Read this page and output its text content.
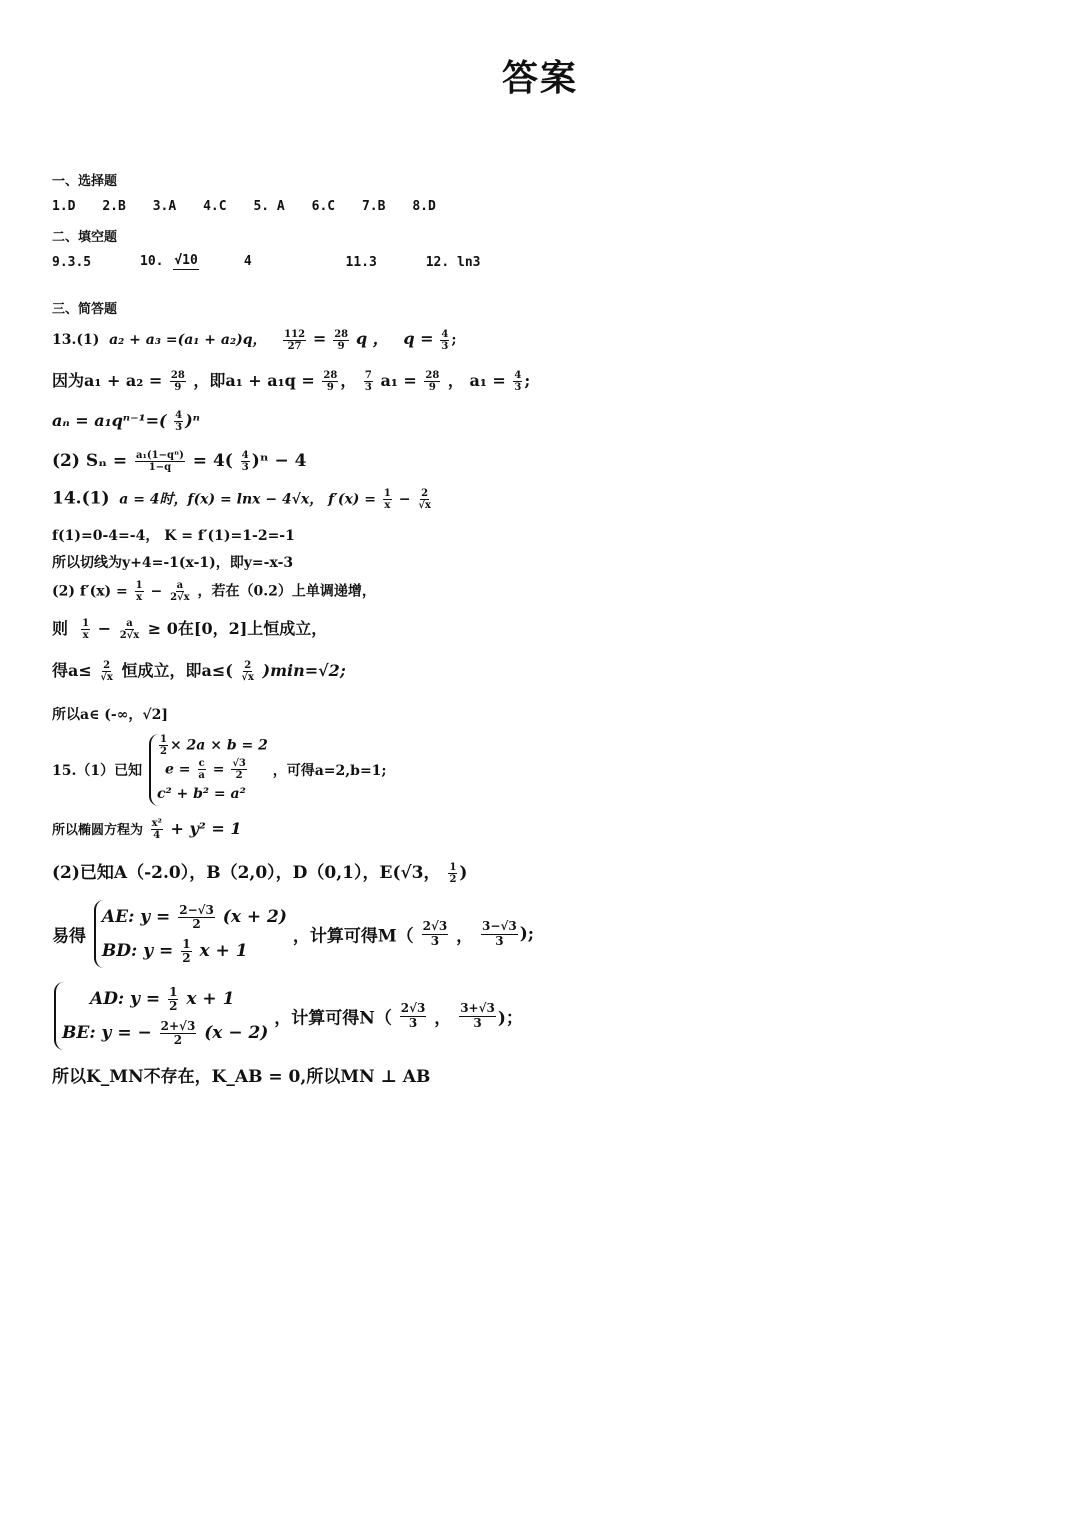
答案
一、选择题
1.D 2.B 3.A 4.C 5. A 6.C 7.B 8.D
二、填空题
9.3.5	10. √10	4	11.3	12. ln3
三、简答题
13.(1) a₂ + a₃ =(a₁ + a₂)q， $\frac{112}{27} = \frac{28}{9}$ q ， $q = \frac{4}{3}$ ;
因为$a_1 + a_2 = \frac{28}{9}$ ，即$a_1 + a_1q = \frac{28}{9}$ ， $\frac{7}{3} a_1 = \frac{28}{9}$ ， $a_1 = \frac{4}{3}$ ;
$a_n = a_1q^{n-1}=( \frac{4}{3} )^n$
(2) $S_n = \frac{\text{a₁(1−qⁿ)}}{1-q} = 4( \frac{4}{3} )^n - 4$
14.(1) a = 4时，f(x) = lnx − 4√x， $f'(x) = \frac{1}{x} - \frac{2}{√x}$
f(1)=0-4=-4， K = f′(1)=1-2=-1
所以切线为y+4=-1(x-1)，即y=-x-3
(2) $f'(x) = \frac{1}{x} - \frac{a}{2√x}$ ，若在（0.2）上单调递增，
则 $\frac{1}{x} - \frac{a}{2√x} \ge 0$在[0，2]上恒成立，
得$a\le \frac{2}{√x}$ 恒成立，即$a\le( \frac{2}{√x} )\min=√2$;
所以a∈ (-∞，√2]
15.（1）已知
$\frac{1}{2} \times 2a \times b = 2$
$e = \frac{c}{a} = \frac{√3}{2}$
c² + b² = a²
，可得a=2,b=1;
所以椭圆方程为 $\frac{\text{x²}}{4} + y^2 = 1$
(2)已知A（-2.0），B（2,0），D（0,1），E(√3， $\frac{1}{2}$ )
易得
AE: $y = \frac{2-√3}{2} (x + 2)$
BD: $y = \frac{1}{2}$ x + 1
，计算可得$M( \frac{2√3}{3}$ ， $\frac{3-√3}{3}$ );
AD: $y = \frac{1}{2}$ x + 1
BE: y = − $\frac{2+√3}{2} (x - 2)$
，计算可得$N( \frac{2√3}{3}$ ， $\frac{3+√3}{3}$ )；
所以K_MN不存在，K_AB = 0,所以MN ⊥ AB
